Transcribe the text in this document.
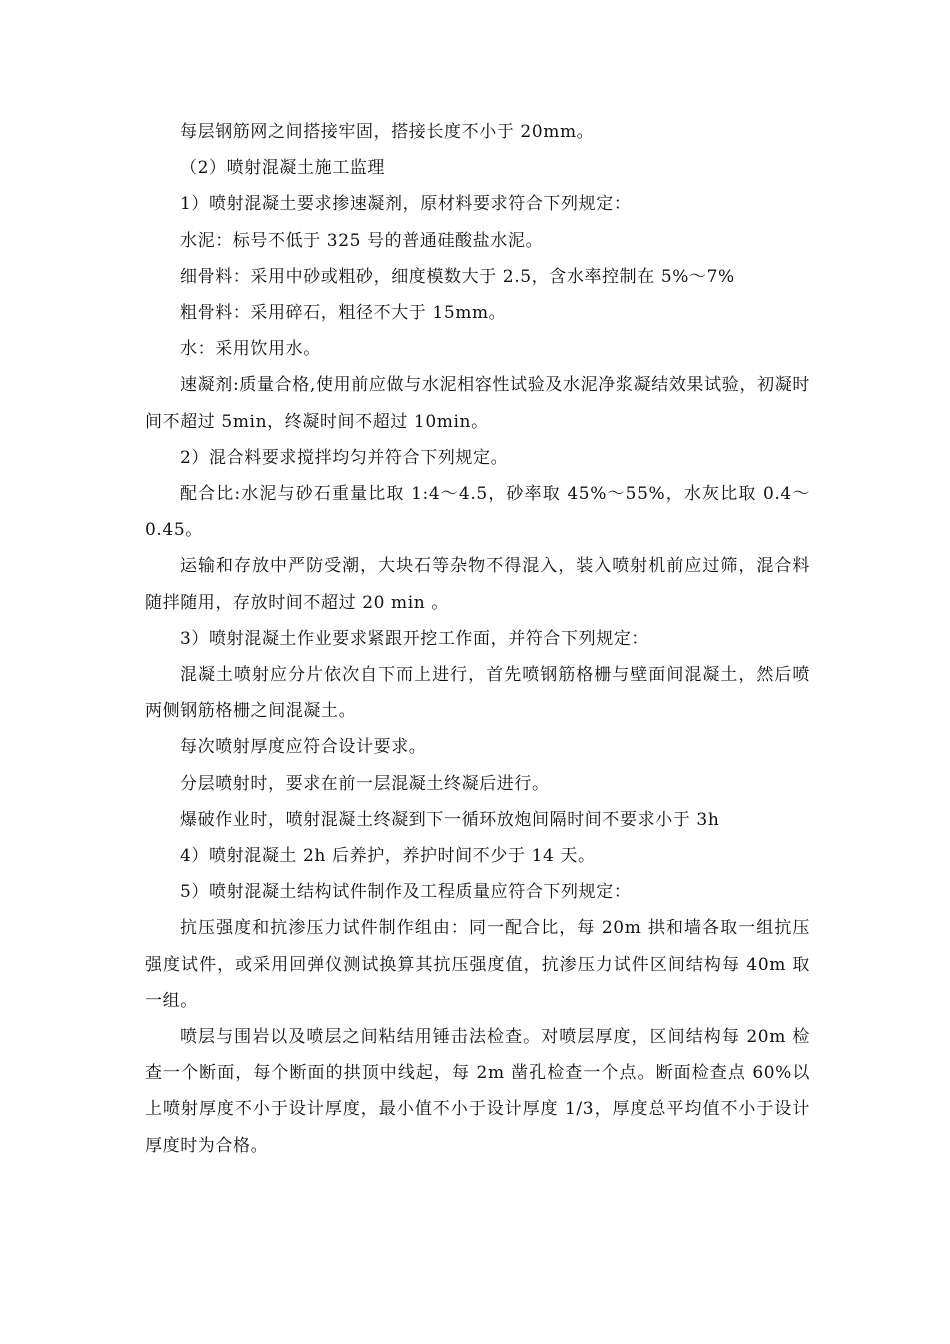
每层钢筋网之间搭接牢固，搭接长度不小于 20mm。

（2）喷射混凝土施工监理

1）喷射混凝土要求掺速凝剂，原材料要求符合下列规定：

水泥：标号不低于 325 号的普通硅酸盐水泥。

细骨料：采用中砂或粗砂，细度模数大于 2.5，含水率控制在 5%～7%

粗骨料：采用碎石，粗径不大于 15mm。

水：采用饮用水。

速凝剂:质量合格,使用前应做与水泥相容性试验及水泥净浆凝结效果试验，初凝时间不超过 5min，终凝时间不超过 10min。

2）混合料要求搅拌均匀并符合下列规定。

配合比:水泥与砂石重量比取 1:4～4.5，砂率取 45%～55%，水灰比取 0.4～0.45。

运输和存放中严防受潮，大块石等杂物不得混入，装入喷射机前应过筛，混合料随拌随用，存放时间不超过 20 min 。

3）喷射混凝土作业要求紧跟开挖工作面，并符合下列规定：

混凝土喷射应分片依次自下而上进行，首先喷钢筋格栅与壁面间混凝土，然后喷两侧钢筋格栅之间混凝土。

每次喷射厚度应符合设计要求。

分层喷射时，要求在前一层混凝土终凝后进行。

爆破作业时，喷射混凝土终凝到下一循环放炮间隔时间不要求小于 3h

4）喷射混凝土 2h 后养护，养护时间不少于 14 天。

5）喷射混凝土结构试件制作及工程质量应符合下列规定：

抗压强度和抗渗压力试件制作组由：同一配合比，每 20m 拱和墙各取一组抗压强度试件，或采用回弹仪测试换算其抗压强度值，抗渗压力试件区间结构每 40m 取一组。

喷层与围岩以及喷层之间粘结用锤击法检查。对喷层厚度，区间结构每 20m 检查一个断面，每个断面的拱顶中线起，每 2m 凿孔检查一个点。断面检查点 60%以上喷射厚度不小于设计厚度，最小值不小于设计厚度 1/3，厚度总平均值不小于设计厚度时为合格。
